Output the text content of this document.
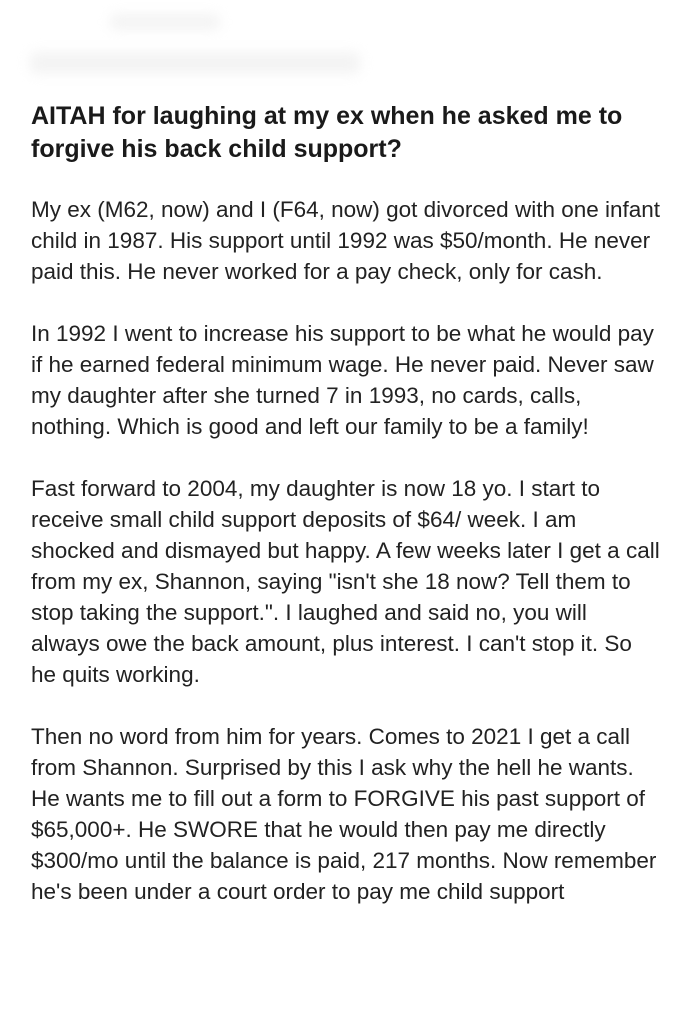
AITAH for laughing at my ex when he asked me to forgive his back child support?

My ex (M62, now) and I (F64, now) got divorced with one infant child in 1987. His support until 1992 was $50/month. He never paid this. He never worked for a pay check, only for cash.

In 1992 I went to increase his support to be what he would pay if he earned federal minimum wage. He never paid. Never saw my daughter after she turned 7 in 1993, no cards, calls, nothing. Which is good and left our family to be a family!

Fast forward to 2004, my daughter is now 18 yo. I start to receive small child support deposits of $64/ week. I am shocked and dismayed but happy. A few weeks later I get a call from my ex, Shannon, saying "isn't she 18 now? Tell them to stop taking the support.". I laughed and said no, you will always owe the back amount, plus interest. I can't stop it. So he quits working.

Then no word from him for years. Comes to 2021 I get a call from Shannon. Surprised by this I ask why the hell he wants. He wants me to fill out a form to FORGIVE his past support of $65,000+. He SWORE that he would then pay me directly $300/mo until the balance is paid, 217 months. Now remember he's been under a court order to pay me child support
